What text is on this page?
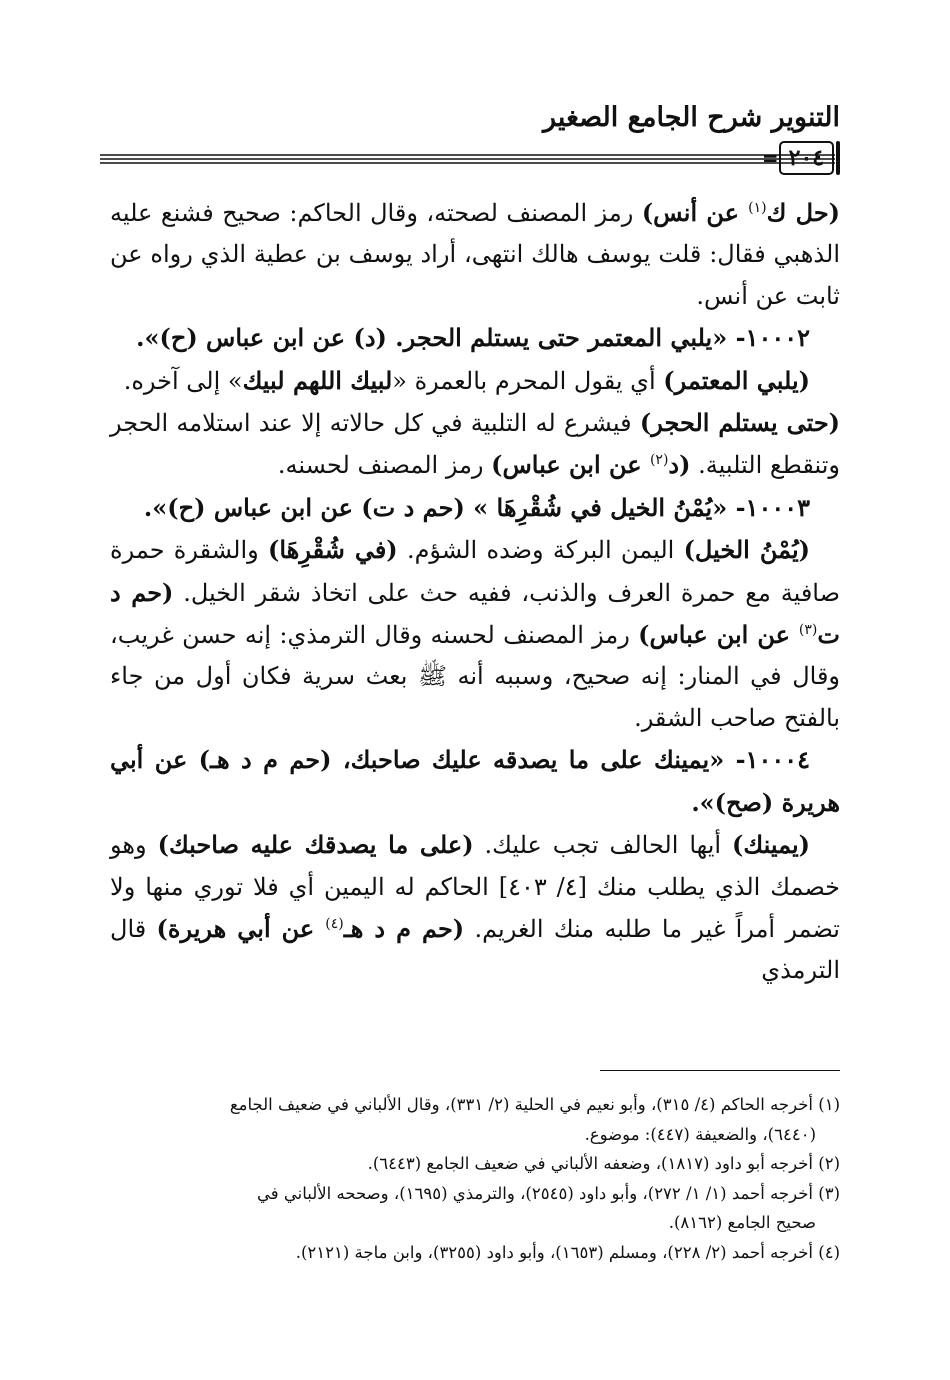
التنوير شرح الجامع الصغير
٢٠٤
=

(حل ك$^{(١)}$ عن أنس) رمز المصنف لصحته، وقال الحاكم: صحيح فشنع عليه الذهبي فقال: قلت يوسف هالك انتهى، أراد يوسف بن عطية الذي رواه عن ثابت عن أنس.

١٠٠٠٢- «يلبي المعتمر حتى يستلم الحجر. (د) عن ابن عباس (ح)».

(يلبي المعتمر) أي يقول المحرم بالعمرة «لبيك اللهم لبيك» إلى آخره.

(حتى يستلم الحجر) فيشرع له التلبية في كل حالاته إلا عند استلامه الحجر وتنقطع التلبية. (د$^{(٢)}$ عن ابن عباس) رمز المصنف لحسنه.

١٠٠٠٣- «يُمْنُ الخيل في شُقْرِهَا » (حم د ت) عن ابن عباس (ح)».

(يُمْنُ الخيل) اليمن البركة وضده الشؤم. (في شُقْرِهَا) والشقرة حمرة صافية مع حمرة العرف والذنب، ففيه حث على اتخاذ شقر الخيل. (حم د ت$^{(٣)}$ عن ابن عباس) رمز المصنف لحسنه وقال الترمذي: إنه حسن غريب، وقال في المنار: إنه صحيح، وسببه أنه ﷺ بعث سرية فكان أول من جاء بالفتح صاحب الشقر.

١٠٠٠٤- «يمينك على ما يصدقه عليك صاحبك، (حم م د هـ) عن أبي هريرة (صح)».

(يمينك) أيها الحالف تجب عليك. (على ما يصدقك عليه صاحبك) وهو خصمك الذي يطلب منك [٤/ ٤٠٣] الحاكم له اليمين أي فلا توري منها ولا تضمر أمراً غير ما طلبه منك الغريم. (حم م د هـ$^{(٤)}$ عن أبي هريرة) قال الترمذي

(١) أخرجه الحاكم (٤/ ٣١٥)، وأبو نعيم في الحلية (٢/ ٣٣١)، وقال الألباني في ضعيف الجامع

(٦٤٤٠)، والضعيفة (٤٤٧): موضوع.

(٢) أخرجه أبو داود (١٨١٧)، وضعفه الألباني في ضعيف الجامع (٦٤٤٣).

(٣) أخرجه أحمد (١/ ١/ ٢٧٢)، وأبو داود (٢٥٤٥)، والترمذي (١٦٩٥)، وصححه الألباني في

صحيح الجامع (٨١٦٢).

(٤) أخرجه أحمد (٢/ ٢٢٨)، ومسلم (١٦٥٣)، وأبو داود (٣٢٥٥)، وابن ماجة (٢١٢١).
